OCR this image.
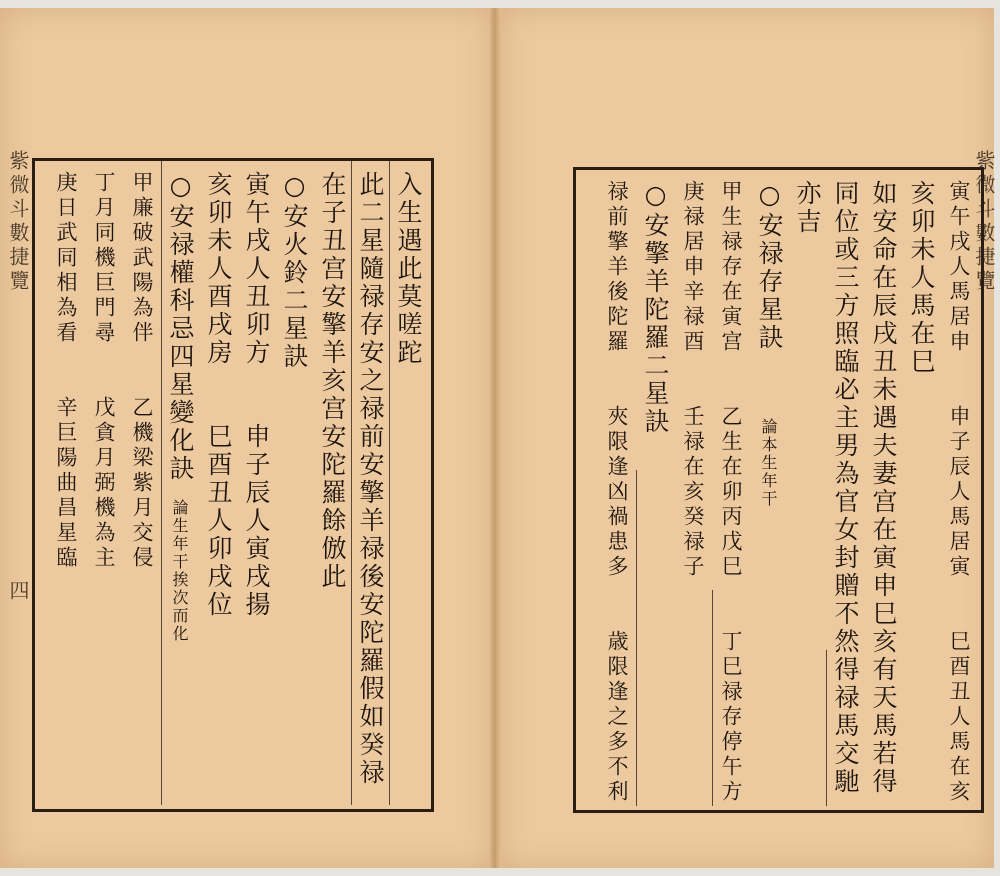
紫微斗數捷覽
四
紫微斗數捷覽
入生遇此莫嗟跎
此二星隨禄存安之禄前安擎羊禄後安陀羅假如癸禄
在子丑宫安擎羊亥宫安陀羅餘倣此
○安火鈴二星訣
寅午戌人丑卯方　　申子辰人寅戌揚
亥卯未人酉戌房　　巳酉丑人卯戌位
○安禄權科忌四星變化訣
論生年干挨次而化
甲廉破武陽為伴　　乙機梁紫月交侵
丁月同機巨門尋　　戊貪月弼機為主
庚日武同相為看　　辛巨陽曲昌星臨	寅午戌人馬居申　　申子辰人馬居寅　　巳酉丑人馬在亥
亥卯未人馬在巳
如安命在辰戌丑未遇夫妻宫在寅申巳亥有天馬若得
同位或三方照臨必主男為官女封贈不然得禄馬交馳
亦吉
○安禄存星訣
論本生年干
甲生禄存在寅宫　　乙生在卯丙戊巳　　丁巳禄存停午方
庚禄居申辛禄酉　　壬禄在亥癸禄子
○安擎羊陀羅二星訣
禄前擎羊後陀羅　　夾限逢凶禍患多　　歳限逢之多不利
